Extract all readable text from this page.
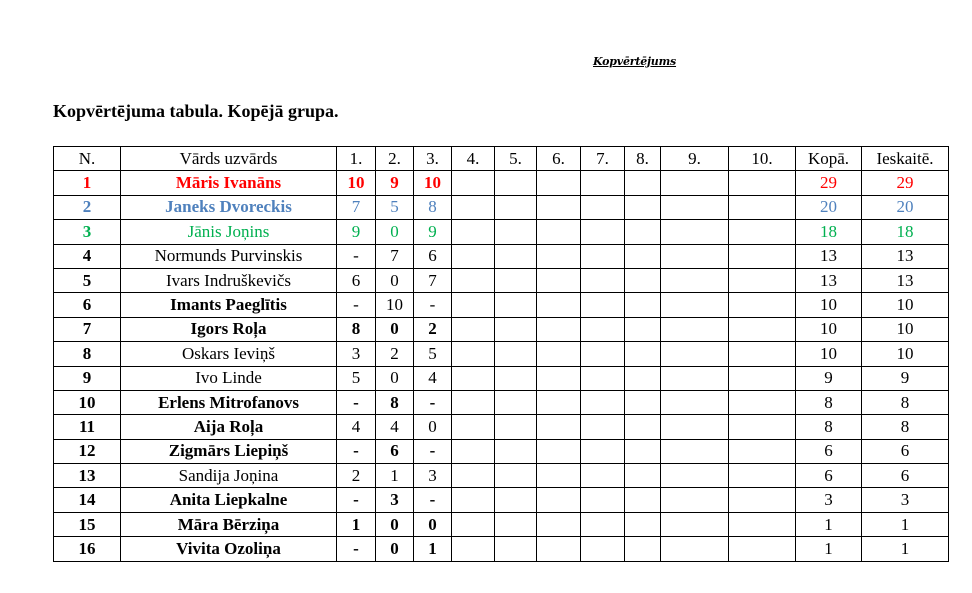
Kopvērtējums
Kopvērtējuma tabula. Kopējā grupa.
N.	Vārds uzvārds	1.	2.	3.	4.	5.	6.	7.	8.	9.	10.	Kopā.	Ieskaitē.
1	Māris Ivanāns	10	9	10								29	29
2	Janeks Dvoreckis	7	5	8								20	20
3	Jānis Joņins	9	0	9								18	18
4	Normunds Purvinskis	-	7	6								13	13
5	Ivars Indruškevičs	6	0	7								13	13
6	Imants Paeglītis	-	10	-								10	10
7	Igors Roļa	8	0	2								10	10
8	Oskars Ieviņš	3	2	5								10	10
9	Ivo Linde	5	0	4								9	9
10	Erlens Mitrofanovs	-	8	-								8	8
11	Aija Roļa	4	4	0								8	8
12	Zigmārs Liepiņš	-	6	-								6	6
13	Sandija Joņina	2	1	3								6	6
14	Anita Liepkalne	-	3	-								3	3
15	Māra Bērziņa	1	0	0								1	1
16	Vivita Ozoliņa	-	0	1								1	1
